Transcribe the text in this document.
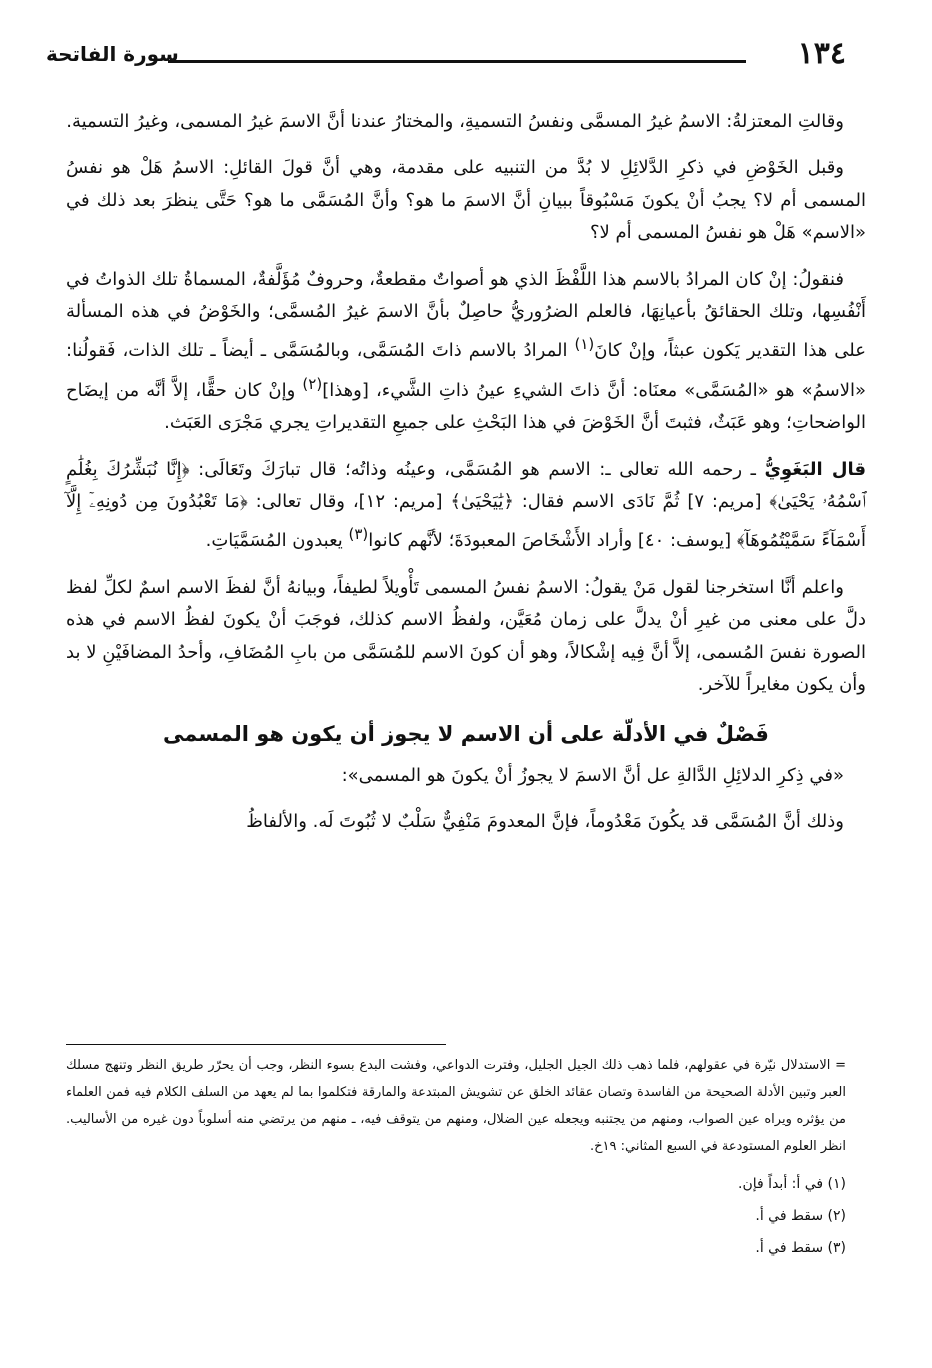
١٣٤
سورة الفاتحة

وقالتِ المعتزلةُ: الاسمُ غيرُ المسمَّى ونفسُ التسميةِ، والمختارُ عندنا أنَّ الاسمَ غيرُ المسمى، وغيرُ التسمية.

وقبل الخَوْضِ في ذكرِ الدَّلائِلِ لا بُدَّ من التنبيه على مقدمة، وهي أنَّ قولَ القائلِ: الاسمُ هَلْ هو نفسُ المسمى أم لا؟ يجبُ أنْ يكونَ مَسْبُوقاً ببيانِ أنَّ الاسمَ ما هو؟ وأنَّ المُسَمَّى ما هو؟ حَتَّى ينظرَ بعد ذلك في «الاسم» هَلْ هو نفسُ المسمى أم لا؟

فنقولُ: إنْ كان المرادُ بالاسم هذا اللَّفْظَ الذي هو أصواتٌ مقطعةٌ، وحروفٌ مُؤَلَّفةٌ، المسماةُ تلك الذواتُ في أَنْفُسِها، وتلك الحقائقُ بأعيانِهَا، فالعلم الضرُوريُّ حاصِلٌ بأنَّ الاسمَ غيرُ المُسمَّى؛ والخَوْضُ في هذه المسألة على هذا التقدير يَكون عبثاً، وإنْ كانَ$^{(١)}$ المرادُ بالاسم ذاتَ المُسَمَّى، وبالمُسَمَّى ـ أيضاً ـ تلك الذات، فَقولُنا: «الاسمُ» هو «المُسَمَّى» معنَاه: أنَّ ذاتَ الشيءِ عينُ ذاتِ الشَّيء، [وهذا]$^{(٢)}$ وإنْ كان حقًّا، إلاَّ أنَّه من إيضَاح الواضحاتِ؛ وهو عَبَثٌ، فثبتَ أنَّ الخَوْضَ في هذا البَحْثِ على جميعِ التقديراتِ يجري مَجْرَى العَبَث.

قال البَغَوِيُّ ـ رحمه الله تعالى ـ: الاسم هو المُسَمَّى، وعينُه وذاتُه؛ قال تبارَكَ وتَعَالَى: ﴿إِنَّا نُبَشِّرُكَ بِغُلَٰمٍ ٱسْمُهُۥ يَحْيَىٰ﴾ [مريم: ٧] ثُمَّ نَادَى الاسم فقال: ﴿يَٰيَحْيَىٰ﴾ [مريم: ١٢]، وقال تعالى: ﴿مَا تَعْبُدُونَ مِن دُونِهِۦٓ إِلَّآ أَسْمَآءً سَمَّيْتُمُوهَآ﴾ [يوسف: ٤٠] وأراد الأَشْخَاصَ المعبودَةَ؛ لأنَّهم كانوا$^{(٣)}$ يعبدون المُسَمَّيَاتِ.

واعلم أنَّا استخرجنا لقول مَنْ يقولُ: الاسمُ نفسُ المسمى تَأْويلاً لطيفاً، وبيانهُ أنَّ لفظَ الاسم اسمٌ لكلِّ لفظ دلَّ على معنى من غيرِ أنْ يدلَّ على زمان مُعَيَّن، ولفظُ الاسم كذلك، فوجَبَ أنْ يكونَ لفظُ الاسم في هذه الصورة نفسَ المُسمى، إلاَّ أنَّ فِيه إشْكالاً، وهو أن كونَ الاسم للمُسَمَّى من بابِ المُضَافِ، وأحدُ المضافَيْنِ لا بد وأن يكون مغايراً للآخر.

فَصْلٌ في الأدلّة على أن الاسم لا يجوز أن يكون هو المسمى

«في ذِكرِ الدلائِلِ الدَّالةِ عل أنَّ الاسمَ لا يجوزُ أنْ يكونَ هو المسمى»:

وذلك أنَّ المُسَمَّى قد يكُونَ مَعْدُوماً، فإنَّ المعدومَ مَنْفِيٌّ سَلْبٌ لا ثُبُوتَ لَه. والألفاظُ

= الاستدلال نيّرة في عقولهم، فلما ذهب ذلك الجيل الجليل، وفترت الدواعي، وفشت البدع بسوء النظر، وجب أن يحرّر طريق النظر وتنهج مسلك العبر وتبين الأدلة الصحيحة من الفاسدة وتصان عقائد الخلق عن تشويش المبتدعة والمارقة فتكلموا بما لم يعهد من السلف الكلام فيه فمن العلماء من يؤثره ويراه عين الصواب، ومنهم من يجتنبه ويجعله عين الضلال، ومنهم من يتوقف فيه، ـ منهم من يرتضي منه أسلوباً دون غيره من الأساليب. انظر العلوم المستودعة في السبع المثاني: ١٩خ.

(١) في أ: أبداً فإن.

(٢) سقط في أ.

(٣) سقط في أ.
